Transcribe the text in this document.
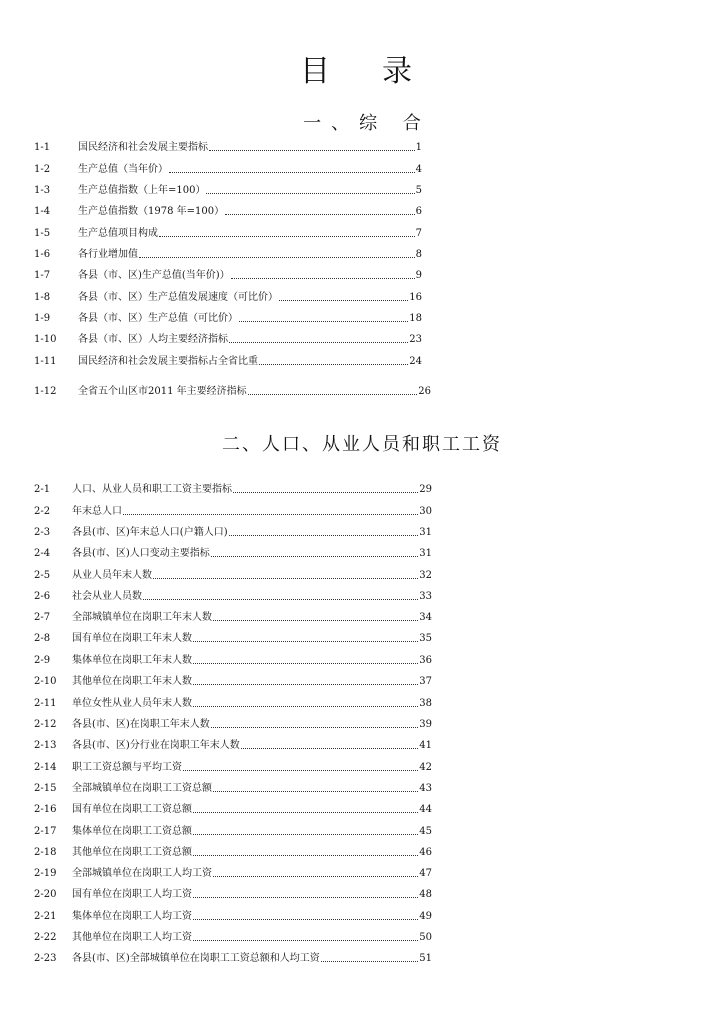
目录
一、综 合
1-1	国民经济和社会发展主要指标	1
1-2	生产总值（当年价）	4
1-3	生产总值指数（上年=100）	5
1-4	生产总值指数（1978 年=100）	6
1-5	生产总值项目构成	7
1-6	各行业增加值	8
1-7	各县（市、区)生产总值(当年价)）	9
1-8	各县（市、区）生产总值发展速度（可比价）	16
1-9	各县（市、区）生产总值（可比价）	18
1-10	各县（市、区）人均主要经济指标	23
1-11	国民经济和社会发展主要指标占全省比重	24
1-12	全省五个山区市2011 年主要经济指标	26
二、人口、从业人员和职工工资
2-1	人口、从业人员和职工工资主要指标	29
2-2	年末总人口	30
2-3	各县(市、区)年末总人口(户籍人口)	31
2-4	各县(市、区)人口变动主要指标	31
2-5	从业人员年末人数	32
2-6	社会从业人员数	33
2-7	全部城镇单位在岗职工年末人数	34
2-8	国有单位在岗职工年末人数	35
2-9	集体单位在岗职工年末人数	36
2-10	其他单位在岗职工年末人数	37
2-11	单位女性从业人员年末人数	38
2-12	各县(市、区)在岗职工年末人数	39
2-13	各县(市、区)分行业在岗职工年末人数	41
2-14	职工工资总额与平均工资	42
2-15	全部城镇单位在岗职工工资总额	43
2-16	国有单位在岗职工工资总额	44
2-17	集体单位在岗职工工资总额	45
2-18	其他单位在岗职工工资总额	46
2-19	全部城镇单位在岗职工人均工资	47
2-20	国有单位在岗职工人均工资	48
2-21	集体单位在岗职工人均工资	49
2-22	其他单位在岗职工人均工资	50
2-23	各县(市、区)全部城镇单位在岗职工工资总额和人均工资	51
